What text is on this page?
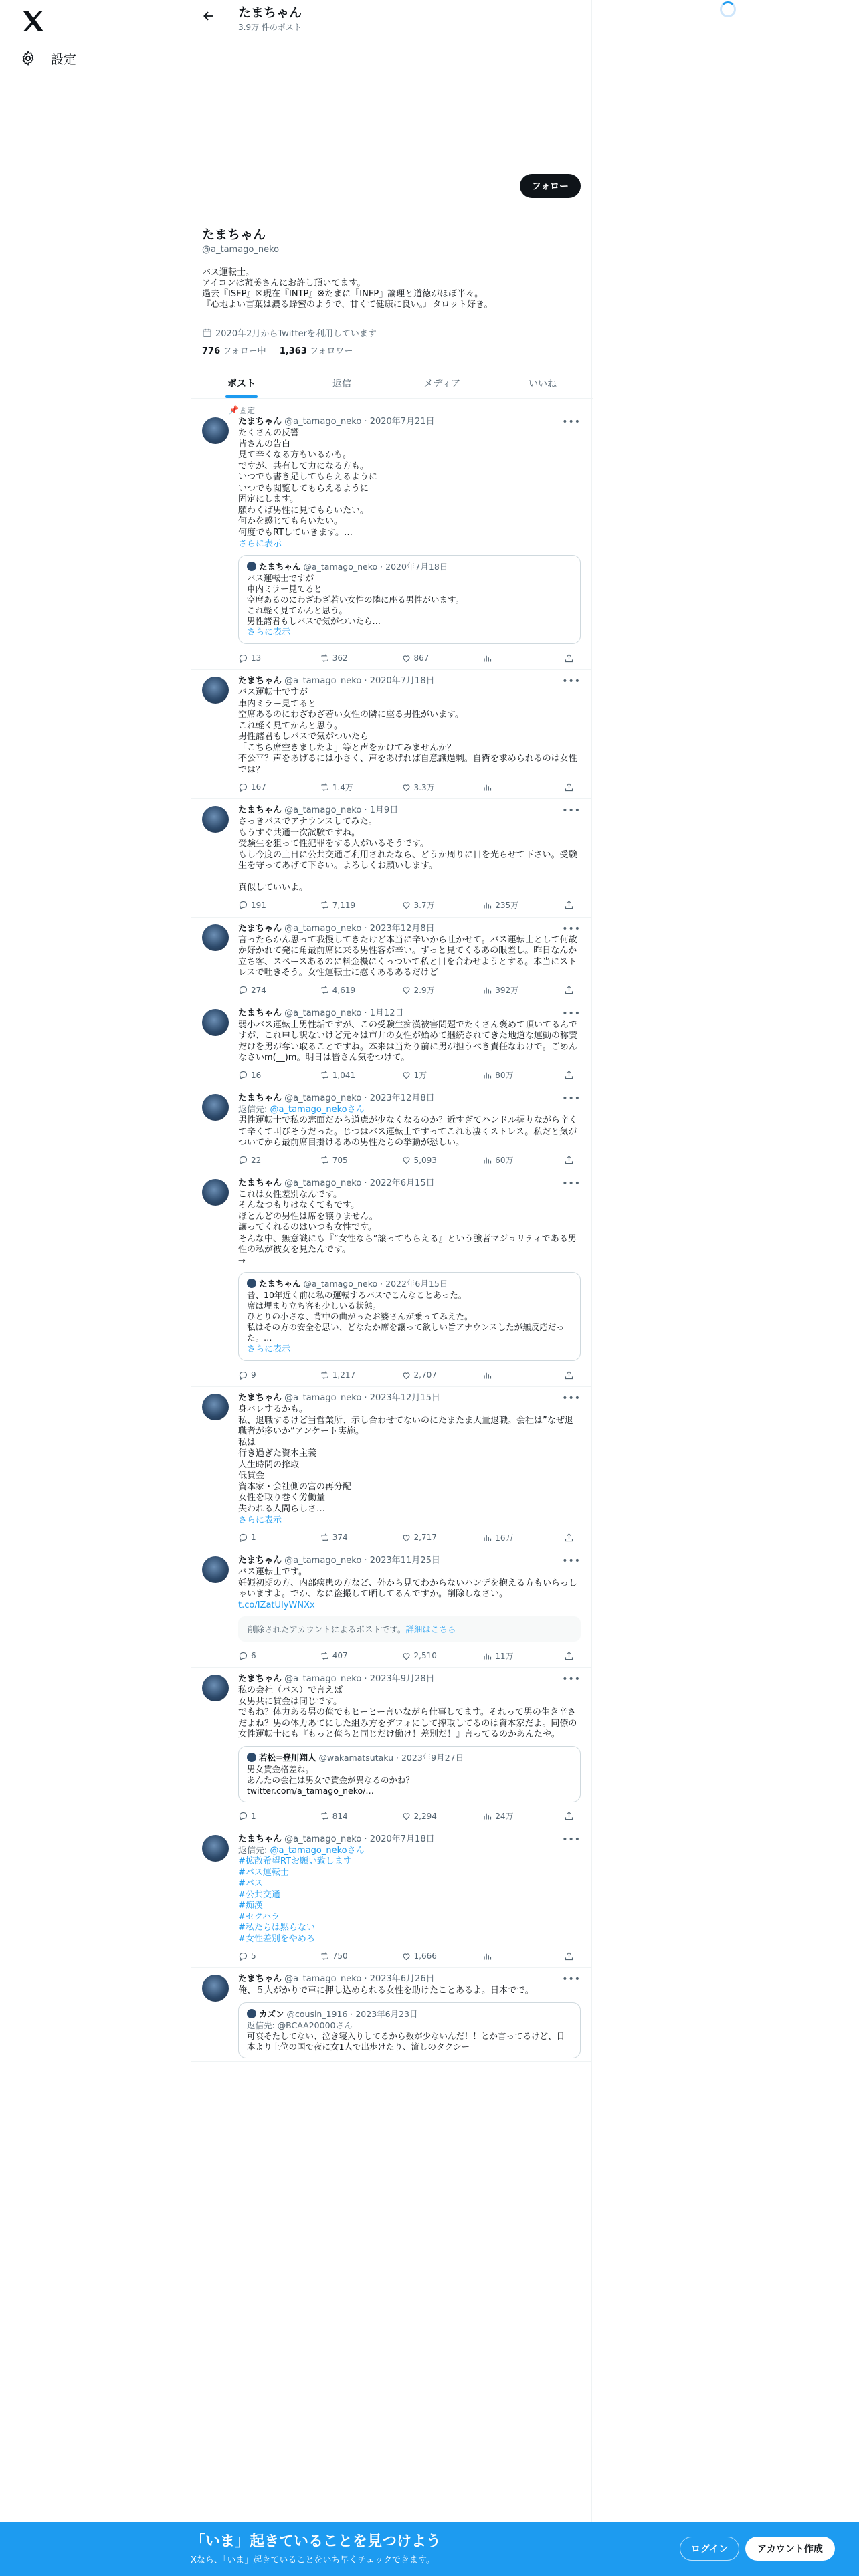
設定
たまちゃん
3.9万 件のポスト
フォロー
たまちゃん
@a_tamago_neko
バス運転士。
アイコンは菰美さんにお許し頂いてます。
過去『ISFP』☒現在『INTP』※たまに『INFP』論理と道徳がほぼ半々。
『心地よい言葉は濃る蜂蜜のようで、甘くて健康に良い。』タロット好き。
2020年2月からTwitterを利用しています
776 フォロー中 1,363 フォロワー
ポスト	返信	メディア	いいね
📌 固定
たまちゃん @a_tamago_neko · 2020年7月21日	•••
たくさんの反響
皆さんの告白
見て辛くなる方もいるかも。
ですが、共有して力になる方も。
いつでも書き足してもらえるように
いつでも閲覧してもらえるように
固定にします。
願わくば男性に見てもらいたい。
何かを感じてもらいたい。
何度でもRTしていきます。…
さらに表示
たまちゃん @a_tamago_neko · 2020年7月18日
バス運転士ですが
車内ミラー見てると
空席あるのにわざわざ若い女性の隣に座る男性がいます。
これ軽く見てかんと思う。
男性諸君もしバスで気がついたら…
さらに表示
13	362	867
たまちゃん @a_tamago_neko · 2020年7月18日	•••
バス運転士ですが
車内ミラー見てると
空席あるのにわざわざ若い女性の隣に座る男性がいます。
これ軽く見てかんと思う。
男性諸君もしバスで気がついたら
「こちら席空きましたよ」等と声をかけてみませんか？
不公平？声をあげるには小さく、声をあげれば自意識過剰。自衛を求められるのは女性では？
167	1.4万	3.3万
たまちゃん @a_tamago_neko · 1月9日	•••
さっきバスでアナウンスしてみた。
もうすぐ共通一次試験ですね。
受験生を狙って性犯罪をする人がいるそうです。
もし今度の土日に公共交通ご利用されたなら、どうか周りに目を光らせて下さい。受験生を守ってあげて下さい。よろしくお願いします。

真似していいよ。
191	7,119	3.7万	235万
たまちゃん @a_tamago_neko · 2023年12月8日	•••
言ったらかん思って我慢してきたけど本当に辛いから吐かせて。バス運転士として何故か好かれて発に角最前席に来る男性客が辛い。ずっと見てくるあの眼差し。昨日なんか立ち客、スペースあるのに料金機にくっついて私と目を合わせようとする。本当にストレスで吐きそう。女性運転士に慰くあるあるだけど
274	4,619	2.9万	392万
たまちゃん @a_tamago_neko · 1月12日	•••
弱小バス運転士男性垢ですが、この受験生痴漢被害問題でたくさん褒めて頂いてるんですが、これ申し訳ないけど元々は市井の女性が始めて継続されてきた地道な運動の称賛だけを男が奪い取ることですね。本来は当たり前に男が担うべき責任なわけで。ごめんなさいm(__)m。明日は皆さん気をつけて。
16	1,041	1万	80万
たまちゃん @a_tamago_neko · 2023年12月8日	•••
返信先: @a_tamago_nekoさん
男性運転士で私の恋面だから道慮が少なくなるのか？近すぎてハンドル握りながら辛くて辛くて叫びそうだった。じつはバス運転士ですってこれも凄くストレス。私だと気がついてから最前席目掛けるあの男性たちの挙動が恐しい。
22	705	5,093	60万
たまちゃん @a_tamago_neko · 2022年6月15日	•••
これは女性差別なんです。
そんなつもりはなくてもです。
ほとんどの男性は席を譲りません。
譲ってくれるのはいつも女性です。
そんな中、無意識にも『”女性なら”譲ってもらえる』という強者マジョリティである男性の私が彼女を見たんです。
→
たまちゃん @a_tamago_neko · 2022年6月15日
昔、10年近く前に私の運転するバスでこんなことあった。
席は埋まり立ち客も少しいる状態。
ひとりの小さな、背中の曲がったお婆さんが乗ってみえた。
私はその方の安全を思い、どなたか席を譲って欲しい旨アナウンスしたが無反応だった。…
さらに表示
9	1,217	2,707
たまちゃん @a_tamago_neko · 2023年12月15日	•••
身バレするかも。
私、退職するけど当営業所、示し合わせてないのにたまたま大量退職。会社は”なぜ退職者が多いか”アンケート実施。
私は
行き過ぎた資本主義
人生時間の搾取
低賃金
資本家・会社側の富の再分配
女性を取り巻く労働量
失われる人間らしさ…
さらに表示
1	374	2,717	16万
たまちゃん @a_tamago_neko · 2023年11月25日	•••
バス運転士です。
妊娠初期の方、内部疾患の方など、外から見てわからないハンデを抱える方もいらっしゃいますよ。でか、なに盗撮して晒してるんですか。削除しなさい。
t.co/IZatUIyWNXx
削除されたアカウントによるポストです。詳細はこちら
6	407	2,510	11万
たまちゃん @a_tamago_neko · 2023年9月28日	•••
私の会社（バス）で言えば
女男共に賃金は同じです。
でもね？体力ある男の俺でもヒーヒー言いながら仕事してます。それって男の生き辛さだよね？男の体力あてにした組み方をデフォにして搾取してるのは資本家だよ。同僚の女性運転士にも『もっと俺らと同じだけ働け！差別だ！』言ってるのかあんたや。
若松=登川翔人 @wakamatsutaku · 2023年9月27日
男女賃金格差ね。
あんたの会社は男女で賃金が異なるのかね？
twitter.com/a_tamago_neko/…
1	814	2,294	24万
たまちゃん @a_tamago_neko · 2020年7月18日	•••
返信先: @a_tamago_nekoさん
#拡散希望RTお願い致します
#バス運転士
#バス
#公共交通
#痴漢
#セクハラ
#私たちは黙らない
#女性差別をやめろ
5	750	1,666
たまちゃん @a_tamago_neko · 2023年6月26日	•••
俺、５人がかりで車に押し込められる女性を助けたことあるよ。日本でで。
カズン @cousin_1916 · 2023年6月23日
返信先: @BCAA20000さん
可哀そたしてない、泣き寝入りしてるから数が少ないんだ！！とか言ってるけど、日本より上位の国で夜に女1人で出歩けたり、流しのタクシー
「いま」起きていることを見つけよう
Xなら、「いま」起きていることをいち早くチェックできます。
ログイン	アカウント作成
